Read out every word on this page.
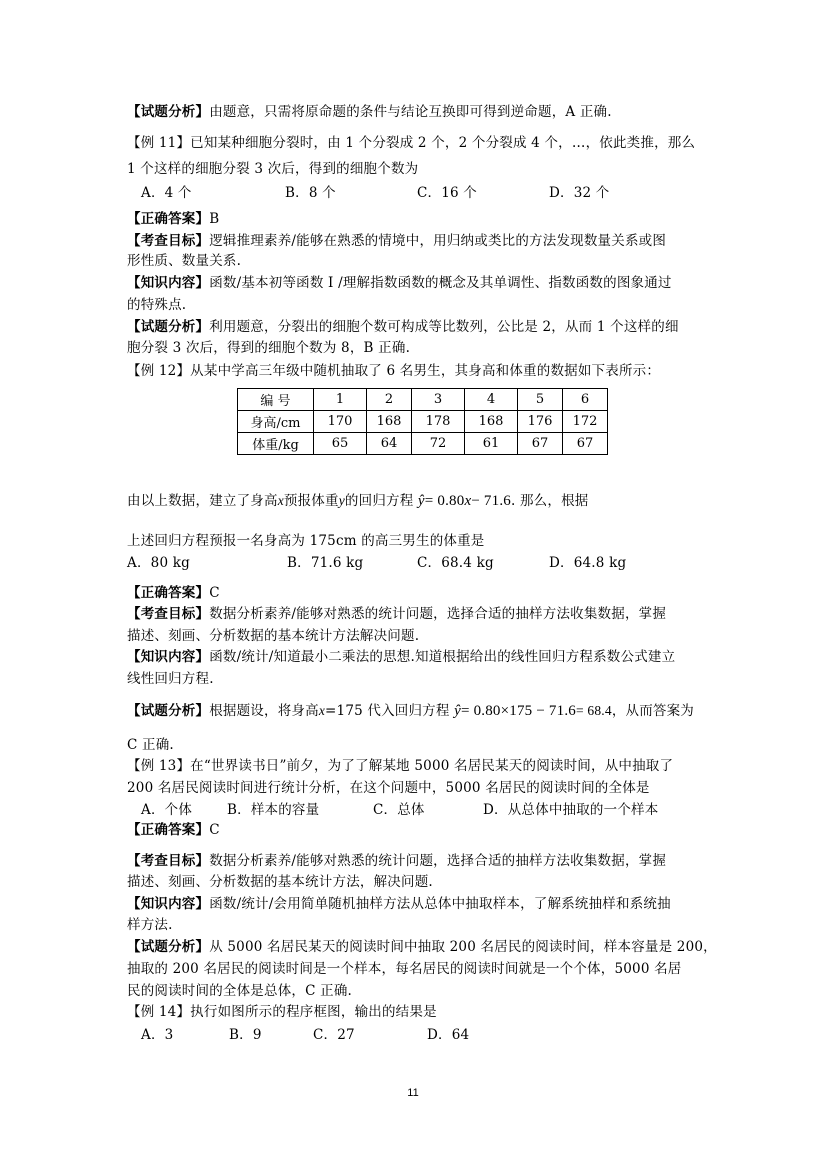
【试题分析】由题意，只需将原命题的条件与结论互换即可得到逆命题，A 正确.
【例 11】已知某种细胞分裂时，由 1 个分裂成 2 个，2 个分裂成 4 个，…，依此类推，那么
1 个这样的细胞分裂 3 次后，得到的细胞个数为
A．4 个	B．8 个	C．16 个	D．32 个
【正确答案】B
【考查目标】逻辑推理素养/能够在熟悉的情境中，用归纳或类比的方法发现数量关系或图
形性质、数量关系.
【知识内容】函数/基本初等函数 I /理解指数函数的概念及其单调性、指数函数的图象通过
的特殊点.
【试题分析】利用题意，分裂出的细胞个数可构成等比数列，公比是 2，从而 1 个这样的细
胞分裂 3 次后，得到的细胞个数为 8，B 正确.
【例 12】从某中学高三年级中随机抽取了 6 名男生，其身高和体重的数据如下表所示：
编 号	1	2	3	4	5	6
身高/cm	170	168	178	168	176	172
体重/kg	65	64	72	61	67	67
由以上数据，建立了身高x预报体重y的回归方程 ŷ= 0.80x− 71.6. 那么，根据
上述回归方程预报一名身高为 175cm 的高三男生的体重是
A．80 kg	B．71.6 kg	C．68.4 kg	D．64.8 kg
【正确答案】C
【考查目标】数据分析素养/能够对熟悉的统计问题，选择合适的抽样方法收集数据，掌握
描述、刻画、分析数据的基本统计方法解决问题.
【知识内容】函数/统计/知道最小二乘法的思想.知道根据给出的线性回归方程系数公式建立
线性回归方程.
【试题分析】根据题设，将身高x=175 代入回归方程 ŷ= 0.80×175 − 71.6= 68.4，从而答案为
C 正确.
【例 13】在“世界读书日”前夕，为了了解某地 5000 名居民某天的阅读时间，从中抽取了
200 名居民阅读时间进行统计分析，在这个问题中，5000 名居民的阅读时间的全体是
A．个体	B．样本的容量	C．总体	D．从总体中抽取的一个样本
【正确答案】C
【考查目标】数据分析素养/能够对熟悉的统计问题，选择合适的抽样方法收集数据，掌握
描述、刻画、分析数据的基本统计方法，解决问题.
【知识内容】函数/统计/会用简单随机抽样方法从总体中抽取样本，了解系统抽样和系统抽
样方法.
【试题分析】从 5000 名居民某天的阅读时间中抽取 200 名居民的阅读时间，样本容量是 200，
抽取的 200 名居民的阅读时间是一个样本，每名居民的阅读时间就是一个个体，5000 名居
民的阅读时间的全体是总体，C 正确.
【例 14】执行如图所示的程序框图，输出的结果是
A．3	B．9	C．27	D．64
11
